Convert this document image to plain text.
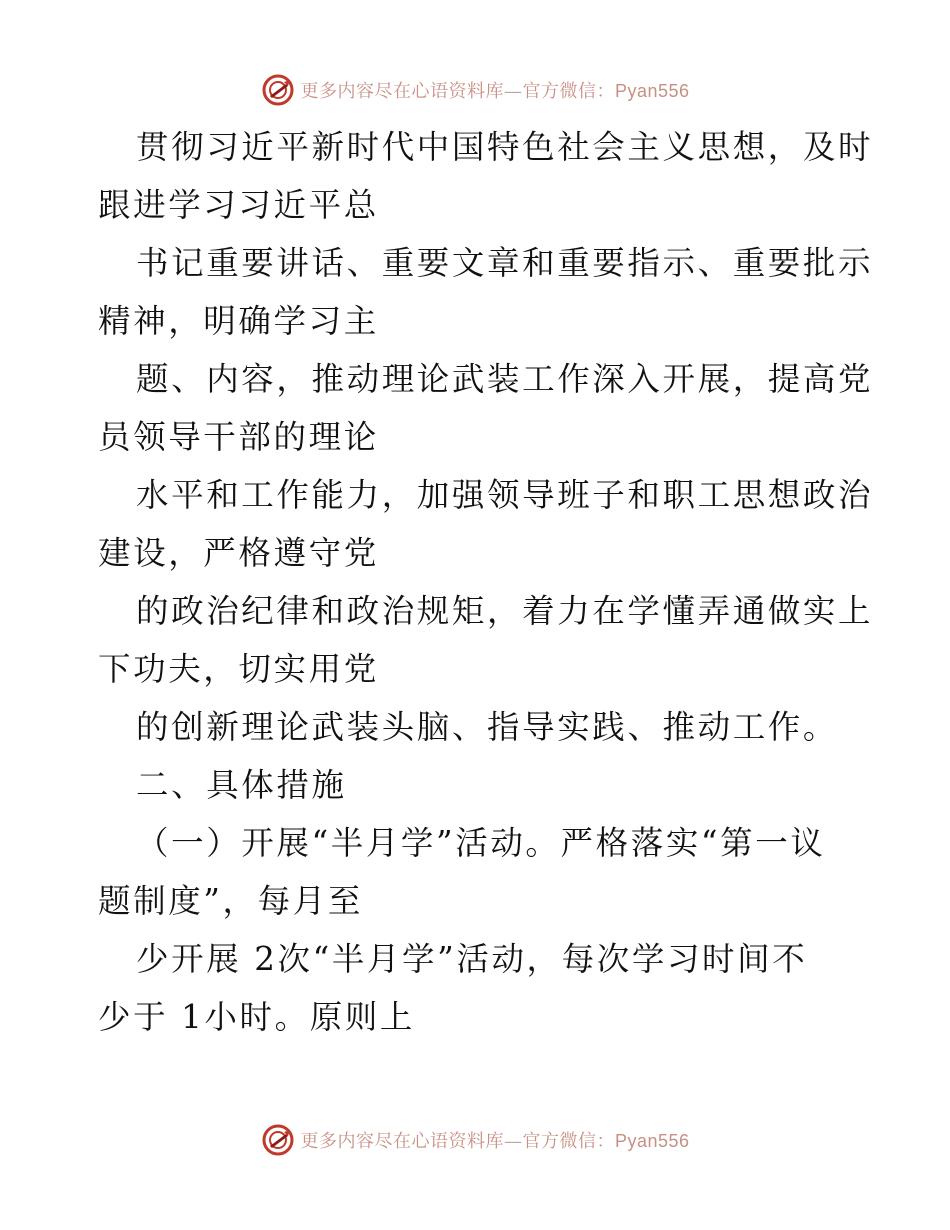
更多内容尽在心语资料库—官方微信：Pyan556
贯彻习近平新时代中国特色社会主义思想，及时
跟进学习习近平总
书记重要讲话、重要文章和重要指示、重要批示
精神，明确学习主
题、内容，推动理论武装工作深入开展，提高党
员领导干部的理论
水平和工作能力，加强领导班子和职工思想政治
建设，严格遵守党
的政治纪律和政治规矩，着力在学懂弄通做实上
下功夫，切实用党
的创新理论武装头脑、指导实践、推动工作。
二、具体措施
（一）开展“半月学”活动。严格落实“第一议
题制度”，每月至
少开展 2次“半月学”活动，每次学习时间不
少于 1小时。原则上
更多内容尽在心语资料库—官方微信：Pyan556
